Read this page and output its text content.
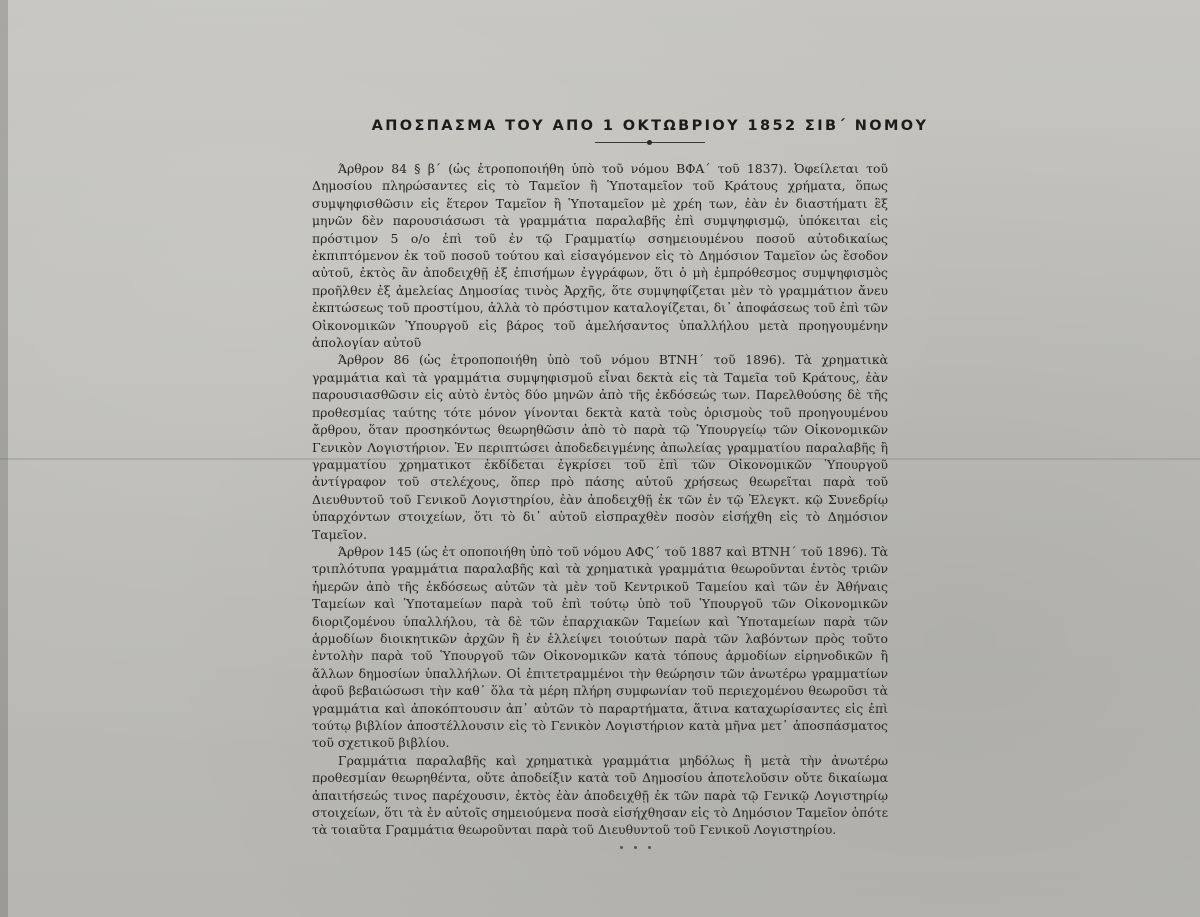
ΑΠΟΣΠΑΣΜΑ ΤΟΥ ΑΠΟ 1 ΟΚΤΩΒΡΙΟΥ 1852 ΣΙΒ΄ ΝΟΜΟΥ

Άρθρον 84 § β΄ (ὡς ἐτροποποιήθη ὑπὸ τοῦ νόμου ΒΦΑ΄ τοῦ 1837). Ὀφείλεται τοῦ Δημοσίου πληρώσαντες εἰς τὸ Ταμεῖον ἢ Ὑποταμεῖον τοῦ Κράτους χρήματα, ὅπως συμψηφισθῶσιν εἰς ἕτερον Ταμεῖον ἢ Ὑποταμεῖον μὲ χρέη των, ἐὰν ἐν διαστήματι ἓξ μηνῶν δὲν παρουσιάσωσι τὰ γραμμάτια παραλαβῆς ἐπὶ συμψηφισμῷ, ὑπόκειται εἰς πρόστιμον 5 ο/ο ἐπὶ τοῦ ἐν τῷ Γραμματίῳ σσημειουμένου ποσοῦ αὐτοδικαίως ἐκπιπτόμενον ἐκ τοῦ ποσοῦ τούτου καὶ εἰσαγόμενον εἰς τὸ Δημόσιον Ταμεῖον ὡς ἔσοδον αὐτοῦ, ἐκτὸς ἂν ἀποδειχθῇ ἐξ ἐπισήμων ἐγγράφων, ὅτι ὁ μὴ ἐμπρόθεσμος συμψηφισμὸς προῆλθεν ἐξ ἀμελείας Δημοσίας τινὸς Ἀρχῆς, ὅτε συμψηφίζεται μὲν τὸ γραμμάτιον ἄνευ ἐκπτώσεως τοῦ προστίμου, ἀλλὰ τὸ πρόστιμον καταλογίζεται, δι᾽ ἀποφάσεως τοῦ ἐπὶ τῶν Οἰκονομικῶν Ὑπουργοῦ εἰς βάρος τοῦ ἀμελήσαντος ὑπαλλήλου μετὰ προηγουμένην ἀπολογίαν αὐτοῦ

Άρθρον 86 (ὡς ἐτροποποιήθη ὑπὸ τοῦ νόμου ΒΤΝΗ΄ τοῦ 1896). Τὰ χρηματικὰ γραμμάτια καὶ τὰ γραμμάτια συμψηφισμοῦ εἶναι δεκτὰ εἰς τὰ Ταμεῖα τοῦ Κράτους, ἐὰν παρουσιασθῶσιν εἰς αὐτὸ ἐντὸς δύο μηνῶν ἀπὸ τῆς ἐκδόσεώς των. Παρελθούσης δὲ τῆς προθεσμίας ταύτης τότε μόνον γίνονται δεκτὰ κατὰ τοὺς ὁρισμοὺς τοῦ προηγουμένου ἄρθρου, ὅταν προσηκόντως θεωρηθῶσιν ἀπὸ τὸ παρὰ τῷ Ὑπουργείῳ τῶν Οἰκονομικῶν Γενικὸν Λογιστήριον. Ἐν περιπτώσει ἀποδεδειγμένης ἀπωλείας γραμματίου παραλαβῆς ἢ γραμματίου χρηματικοτ ἐκδίδεται ἐγκρίσει τοῦ ἐπὶ τῶν Οἰκονομικῶν Ὑπουργοῦ ἀντίγραφον τοῦ στελέχους, ὅπερ πρὸ πάσης αὐτοῦ χρήσεως θεωρεῖται παρὰ τοῦ Διευθυντοῦ τοῦ Γενικοῦ Λογιστηρίου, ἐὰν ἀποδειχθῇ ἐκ τῶν ἐν τῷ Ἐλεγκτ. κῷ Συνεδρίῳ ὑπαρχόντων στοιχείων, ὅτι τὸ δι᾽ αὐτοῦ εἰσπραχθὲν ποσὸν εἰσήχθη εἰς τὸ Δημόσιον Ταμεῖον.

Άρθρον 145 (ὡς ἐτ οποποιήθη ὑπὸ τοῦ νόμου ΑΦϚ΄ τοῦ 1887 καὶ ΒΤΝΗ΄ τοῦ 1896). Τὰ τριπλότυπα γραμμάτια παραλαβῆς καὶ τὰ χρηματικὰ γραμμάτια θεωροῦνται ἐντὸς τριῶν ἡμερῶν ἀπὸ τῆς ἐκδόσεως αὐτῶν τὰ μὲν τοῦ Κεντρικοῦ Ταμείου καὶ τῶν ἐν Ἀθήναις Ταμείων καὶ Ὑποταμείων παρὰ τοῦ ἐπὶ τούτῳ ὑπὸ τοῦ Ὑπουργοῦ τῶν Οἰκονομικῶν διοριζομένου ὑπαλλήλου, τὰ δὲ τῶν ἐπαρχιακῶν Ταμείων καὶ Ὑποταμείων παρὰ τῶν ἁρμοδίων διοικητικῶν ἀρχῶν ἢ ἐν ἐλλείψει τοιούτων παρὰ τῶν λαβόντων πρὸς τοῦτο ἐντολὴν παρὰ τοῦ Ὑπουργοῦ τῶν Οἰκονομικῶν κατὰ τόπους ἁρμοδίων εἰρηνοδικῶν ἢ ἄλλων δημοσίων ὑπαλλήλων. Οἱ ἐπιτετραμμένοι τὴν θεώρησιν τῶν ἀνωτέρω γραμματίων ἀφοῦ βεβαιώσωσι τὴν καθ᾽ ὅλα τὰ μέρη πλήρη συμφωνίαν τοῦ περιεχομένου θεωροῦσι τὰ γραμμάτια καὶ ἀποκόπτουσιν ἀπ᾽ αὐτῶν τὸ παραρτήματα, ἅτινα καταχωρίσαντες εἰς ἐπὶ τούτῳ βιβλίον ἀποστέλλουσιν εἰς τὸ Γενικὸν Λογιστήριον κατὰ μῆνα μετ᾽ ἀποσπάσματος τοῦ σχετικοῦ βιβλίου.

Γραμμάτια παραλαβῆς καὶ χρηματικὰ γραμμάτια μηδόλως ἢ μετὰ τὴν ἀνωτέρω προθεσμίαν θεωρηθέντα, οὔτε ἀποδείξιν κατὰ τοῦ Δημοσίου ἀποτελοῦσιν οὔτε δικαίωμα ἀπαιτήσεώς τινος παρέχουσιν, ἐκτὸς ἐὰν ἀποδειχθῇ ἐκ τῶν παρὰ τῷ Γενικῷ Λογιστηρίῳ στοιχείων, ὅτι τὰ ἐν αὐτοῖς σημειούμενα ποσὰ εἰσήχθησαν εἰς τὸ Δημόσιον Ταμεῖον ὁπότε τὰ τοιαῦτα Γραμμάτια θεωροῦνται παρὰ τοῦ Διευθυντοῦ τοῦ Γενικοῦ Λογιστηρίου.
